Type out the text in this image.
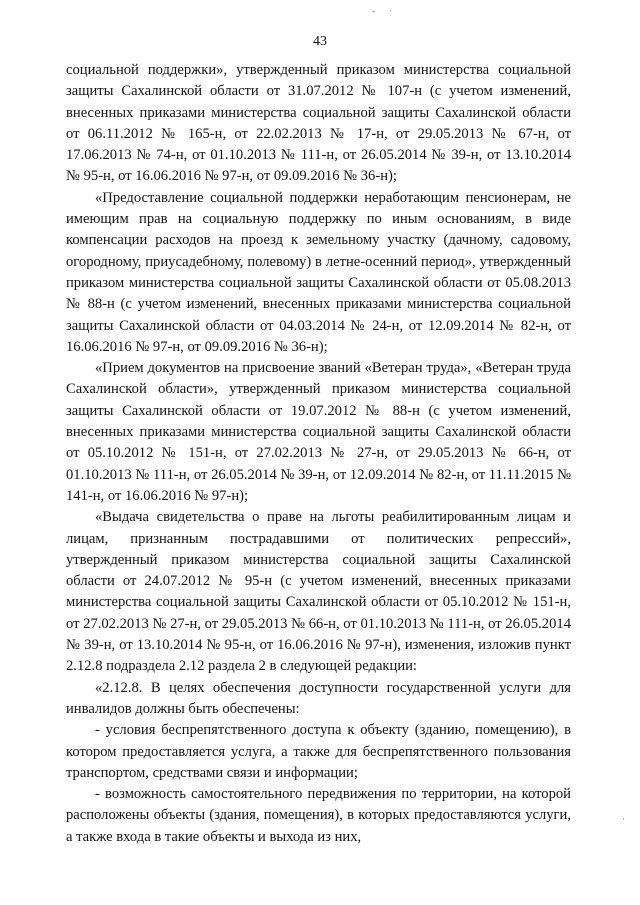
- ·
·
43

социальной поддержки», утвержденный приказом министерства социальной защиты Сахалинской области от 31.07.2012 № 107-н (с учетом изменений, внесенных приказами министерства социальной защиты Сахалинской области от 06.11.2012 № 165-н, от 22.02.2013 № 17-н, от 29.05.2013 № 67-н, от 17.06.2013 № 74-н, от 01.10.2013 № 111-н, от 26.05.2014 № 39-н, от 13.10.2014 № 95-н, от 16.06.2016 № 97-н, от 09.09.2016 № 36-н);

«Предоставление социальной поддержки неработающим пенсионерам, не имеющим прав на социальную поддержку по иным основаниям, в виде компенсации расходов на проезд к земельному участку (дачному, садовому, огородному, приусадебному, полевому) в летне-осенний период», утвержденный приказом министерства социальной защиты Сахалинской области от 05.08.2013 № 88-н (с учетом изменений, внесенных приказами министерства социальной защиты Сахалинской области от 04.03.2014 № 24-н, от 12.09.2014 № 82-н, от 16.06.2016 № 97-н, от 09.09.2016 № 36-н);

«Прием документов на присвоение званий «Ветеран труда», «Ветеран труда Сахалинской области», утвержденный приказом министерства социальной защиты Сахалинской области от 19.07.2012 № 88-н (с учетом изменений, внесенных приказами министерства социальной защиты Сахалинской области от 05.10.2012 № 151-н, от 27.02.2013 № 27-н, от 29.05.2013 № 66-н, от 01.10.2013 № 111-н, от 26.05.2014 № 39-н, от 12.09.2014 № 82-н, от 11.11.2015 № 141-н, от 16.06.2016 № 97-н);

«Выдача свидетельства о праве на льготы реабилитированным лицам и лицам, признанным пострадавшими от политических репрессий», утвержденный приказом министерства социальной защиты Сахалинской области от 24.07.2012 № 95-н (с учетом изменений, внесенных приказами министерства социальной защиты Сахалинской области от 05.10.2012 № 151-н, от 27.02.2013 № 27-н, от 29.05.2013 № 66-н, от 01.10.2013 № 111-н, от 26.05.2014 № 39-н, от 13.10.2014 № 95-н, от 16.06.2016 № 97-н), изменения, изложив пункт 2.12.8 подраздела 2.12 раздела 2 в следующей редакции:

«2.12.8. В целях обеспечения доступности государственной услуги для инвалидов должны быть обеспечены:

- условия беспрепятственного доступа к объекту (зданию, помещению), в котором предоставляется услуга, а также для беспрепятственного пользования транспортом, средствами связи и информации;

- возможность самостоятельного передвижения по территории, на которой расположены объекты (здания, помещения), в которых предоставляются услуги, а также входа в такие объекты и выхода из них,
